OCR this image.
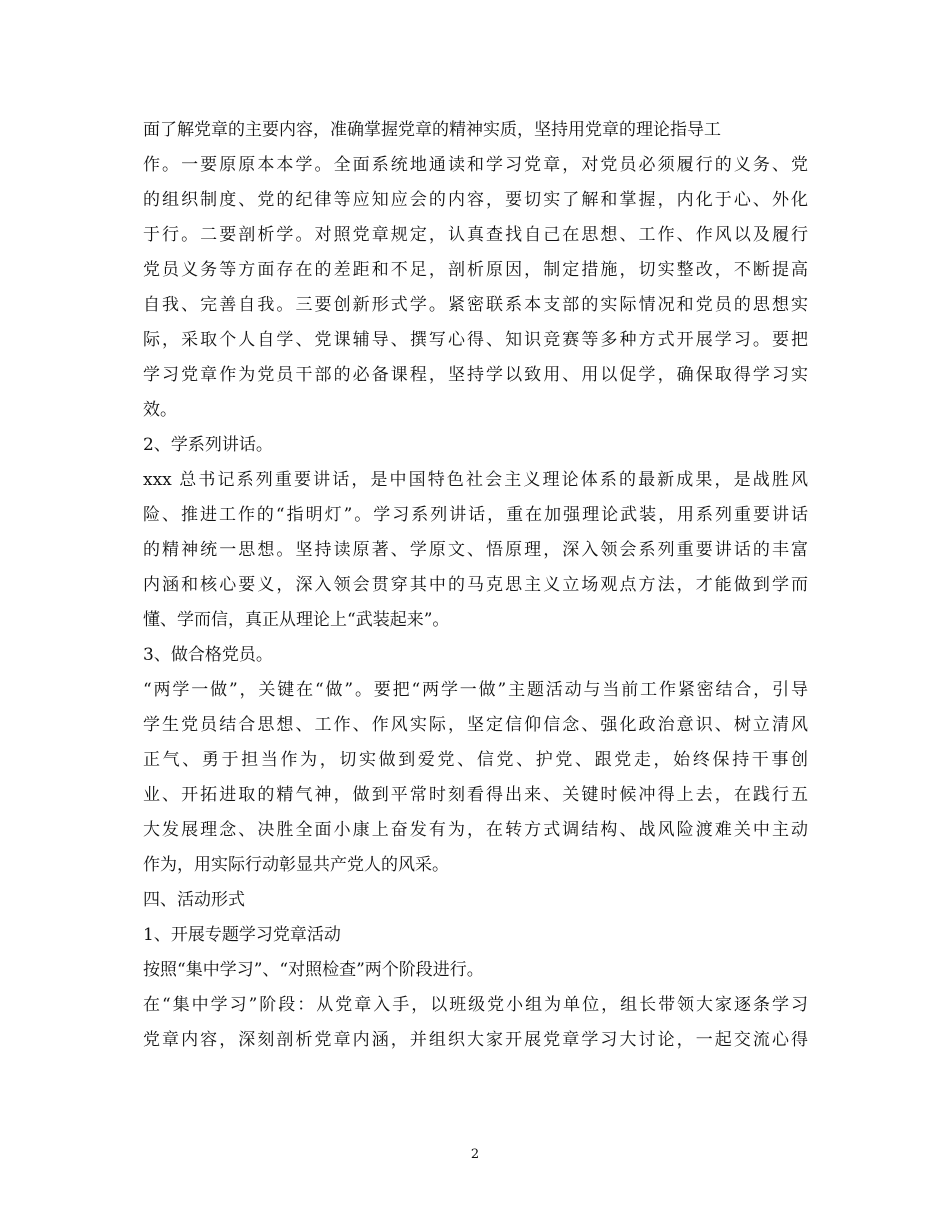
面了解党章的主要内容，准确掌握党章的精神实质，坚持用党章的理论指导工
作。一要原原本本学。全面系统地通读和学习党章，对党员必须履行的义务、党
的组织制度、党的纪律等应知应会的内容，要切实了解和掌握，内化于心、外化
于行。二要剖析学。对照党章规定，认真查找自己在思想、工作、作风以及履行
党员义务等方面存在的差距和不足，剖析原因，制定措施，切实整改，不断提高
自我、完善自我。三要创新形式学。紧密联系本支部的实际情况和党员的思想实
际，采取个人自学、党课辅导、撰写心得、知识竞赛等多种方式开展学习。要把
学习党章作为党员干部的必备课程，坚持学以致用、用以促学，确保取得学习实
效。
2、学系列讲话。
xxx 总书记系列重要讲话，是中国特色社会主义理论体系的最新成果，是战胜风
险、推进工作的“指明灯”。学习系列讲话，重在加强理论武装，用系列重要讲话
的精神统一思想。坚持读原著、学原文、悟原理，深入领会系列重要讲话的丰富
内涵和核心要义，深入领会贯穿其中的马克思主义立场观点方法，才能做到学而
懂、学而信，真正从理论上“武装起来”。
3、做合格党员。
“两学一做”，关键在“做”。要把“两学一做”主题活动与当前工作紧密结合，引导
学生党员结合思想、工作、作风实际，坚定信仰信念、强化政治意识、树立清风
正气、勇于担当作为，切实做到爱党、信党、护党、跟党走，始终保持干事创
业、开拓进取的精气神，做到平常时刻看得出来、关键时候冲得上去，在践行五
大发展理念、决胜全面小康上奋发有为，在转方式调结构、战风险渡难关中主动
作为，用实际行动彰显共产党人的风采。
四、活动形式
1、开展专题学习党章活动
按照“集中学习”、“对照检查”两个阶段进行。
在“集中学习”阶段：从党章入手，以班级党小组为单位，组长带领大家逐条学习
党章内容，深刻剖析党章内涵，并组织大家开展党章学习大讨论，一起交流心得
2
